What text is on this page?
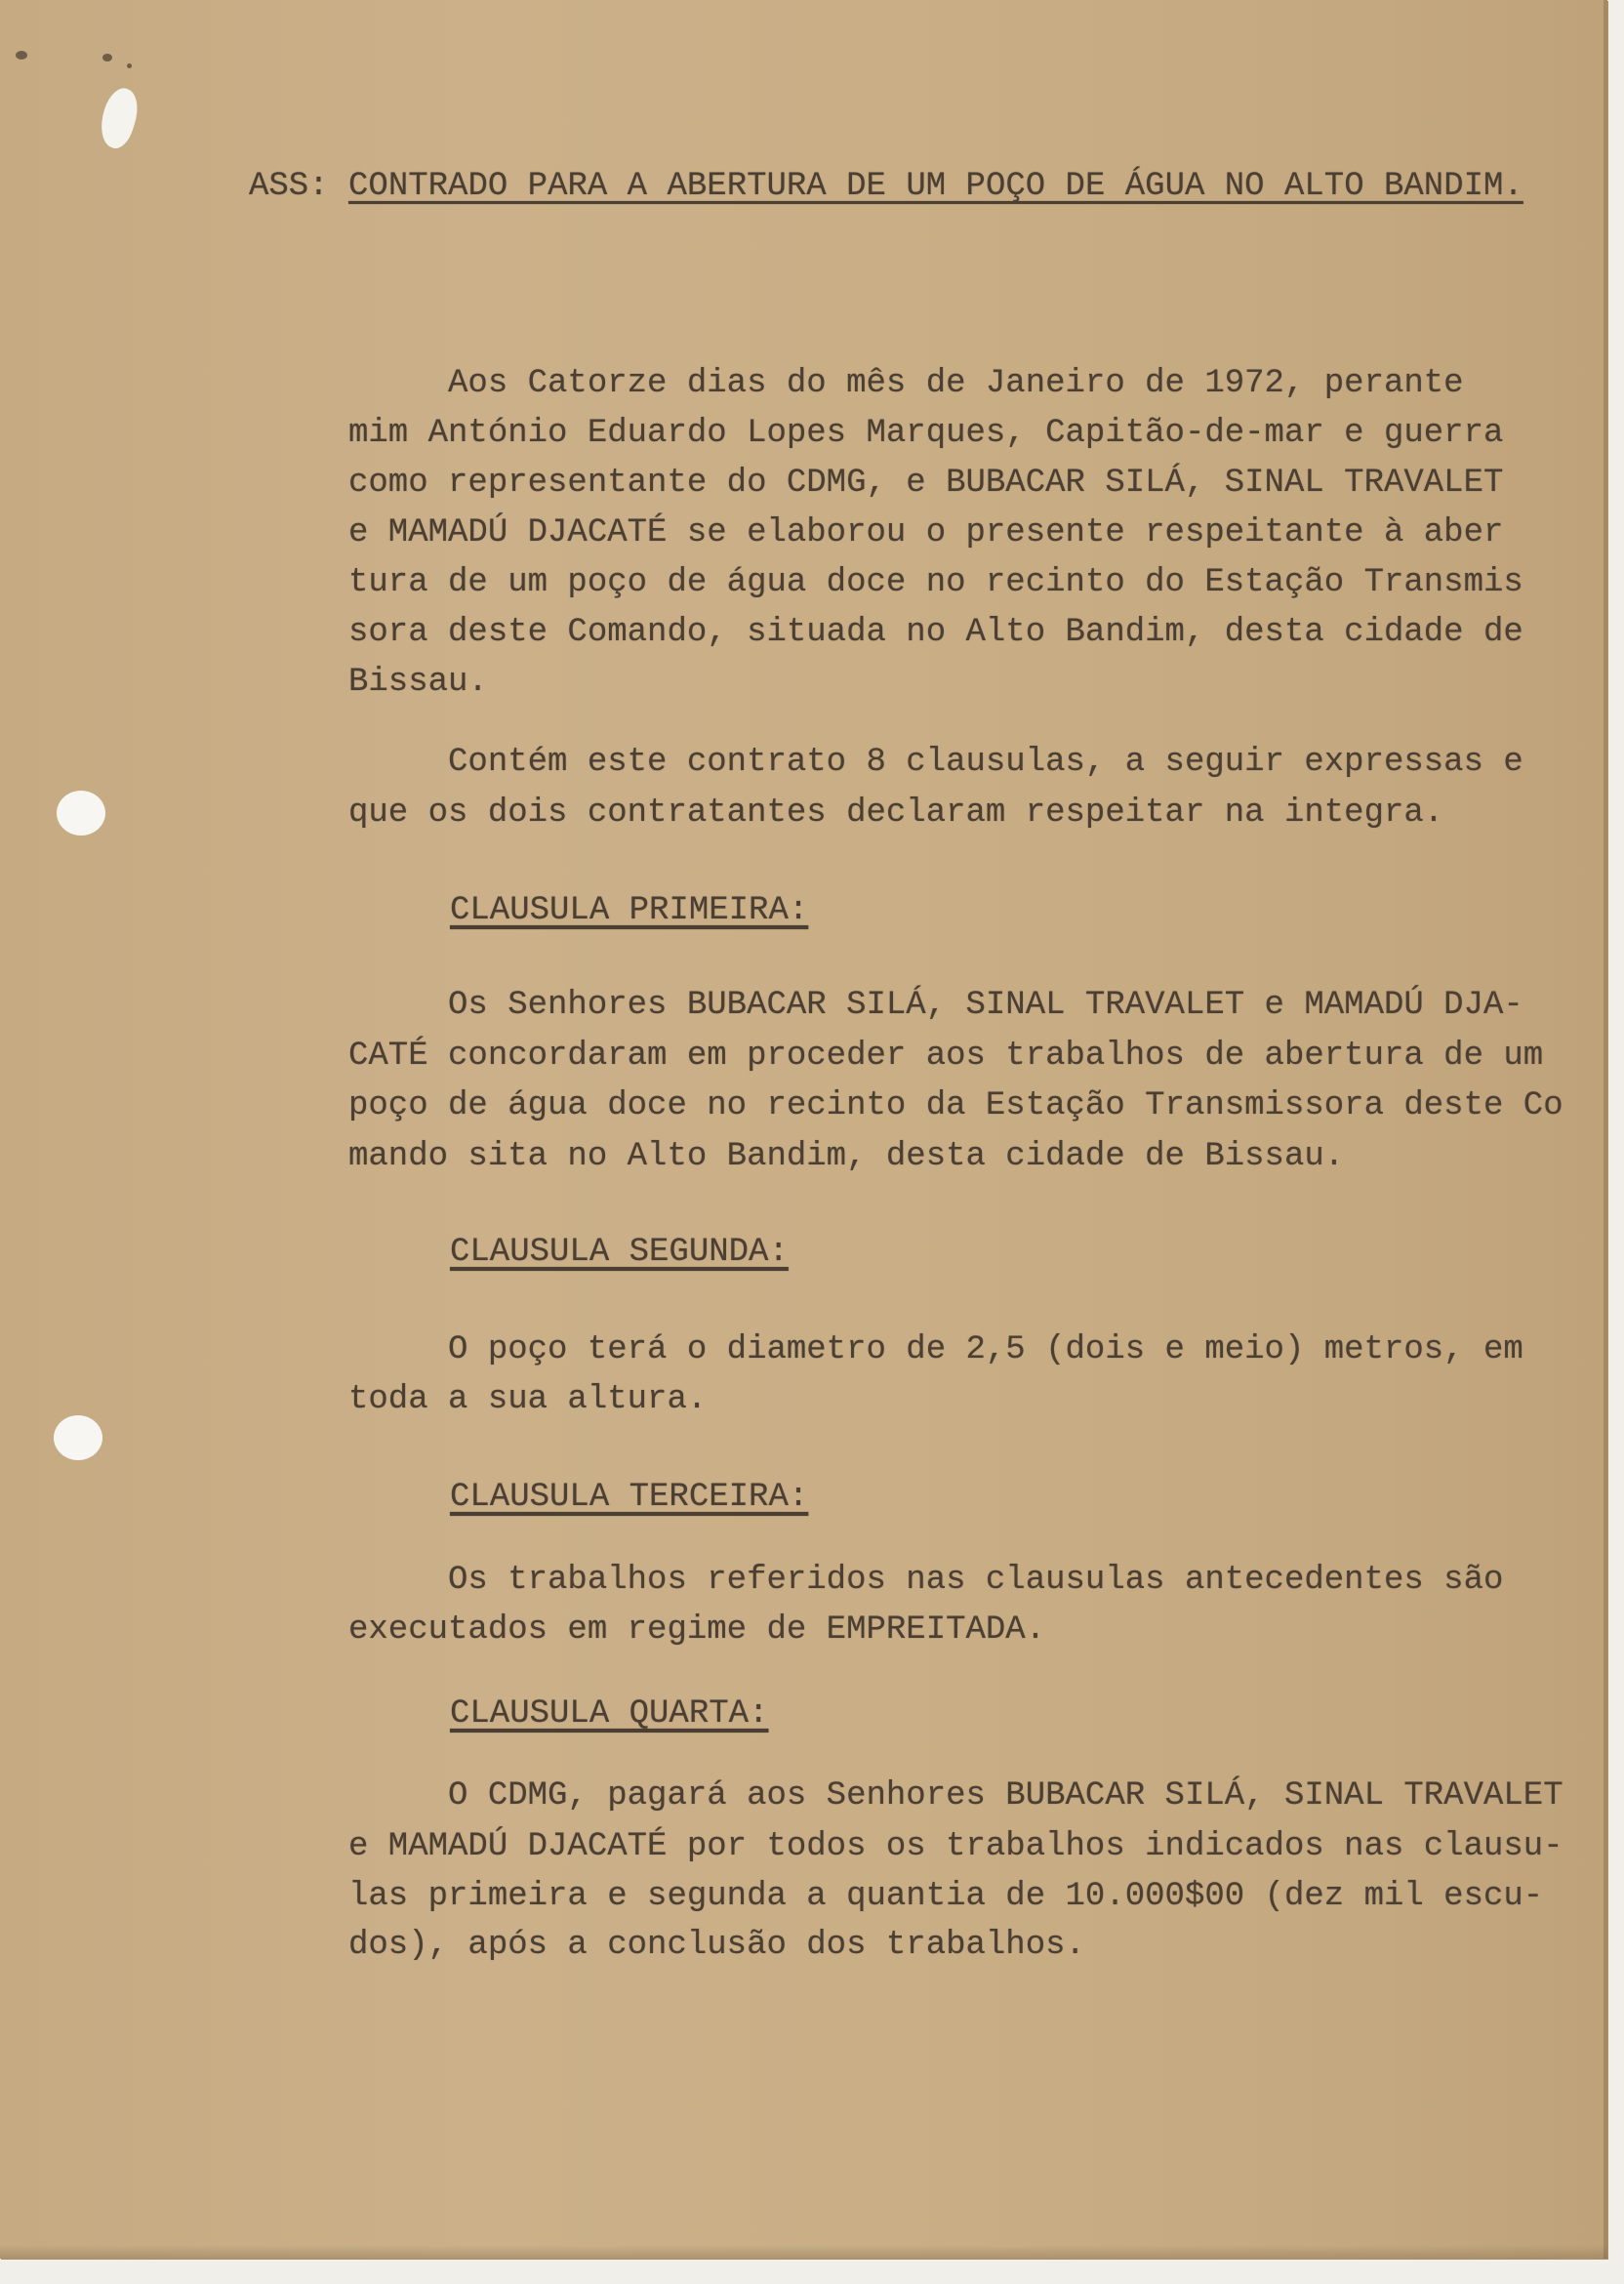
ASS: CONTRADO PARA A ABERTURA DE UM POÇO DE ÁGUA NO ALTO BANDIM.
Aos Catorze dias do mês de Janeiro de 1972, perante
mim António Eduardo Lopes Marques, Capitão-de-mar e guerra
como representante do CDMG, e BUBACAR SILÁ, SINAL TRAVALET
e MAMADÚ DJACATÉ se elaborou o presente respeitante à aber
tura de um poço de água doce no recinto do Estação Transmis
sora deste Comando, situada no Alto Bandim, desta cidade de
Bissau.
Contém este contrato 8 clausulas, a seguir expressas e
que os dois contratantes declaram respeitar na integra.
CLAUSULA PRIMEIRA:
Os Senhores BUBACAR SILÁ, SINAL TRAVALET e MAMADÚ DJA-
CATÉ concordaram em proceder aos trabalhos de abertura de um
poço de água doce no recinto da Estação Transmissora deste Co
mando sita no Alto Bandim, desta cidade de Bissau.
CLAUSULA SEGUNDA:
O poço terá o diametro de 2,5 (dois e meio) metros, em
toda a sua altura.
CLAUSULA TERCEIRA:
Os trabalhos referidos nas clausulas antecedentes são
executados em regime de EMPREITADA.
CLAUSULA QUARTA:
O CDMG, pagará aos Senhores BUBACAR SILÁ, SINAL TRAVALET
e MAMADÚ DJACATÉ por todos os trabalhos indicados nas clausu-
las primeira e segunda a quantia de 10.000$00 (dez mil escu-
dos), após a conclusão dos trabalhos.
